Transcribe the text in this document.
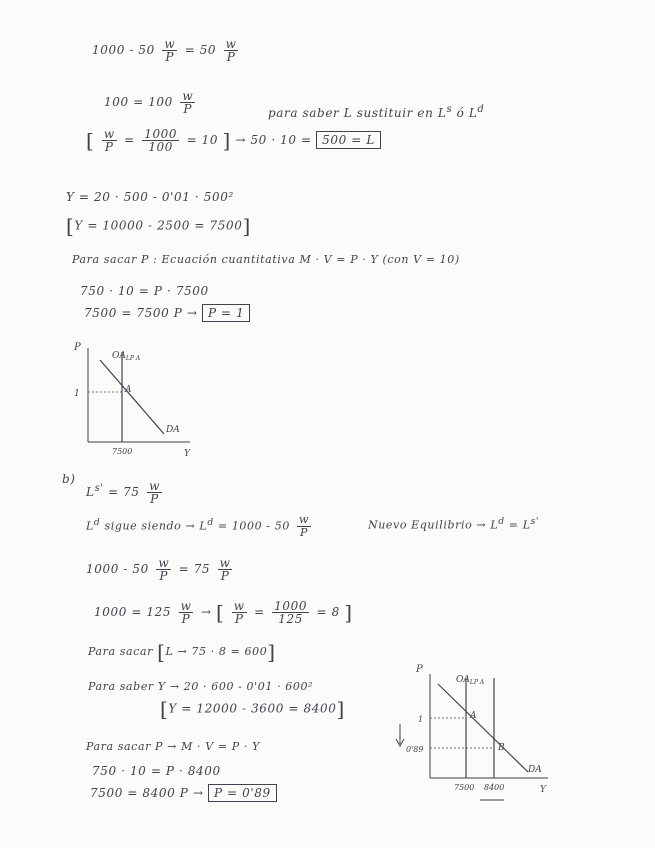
$1000 - 50 \frac{w}{P} = 50 \frac{w}{P}$
$100 = 100 \frac{w}{P}$	para saber L sustituir en $L^s$ ó $L^d$
[ $\frac{w}{P} = \frac{1000}{100} = 10$ ] → 50 · 10 = 500 = L
Y = 20 · 500 - 0'01 · 500²
[Y = 10000 - 2500 = 7500]
Para sacar P : Ecuación cuantitativa M · V = P · Y (con V = 10)
750 · 10 = P · 7500
7500 = 7500 P → P = 1
P
$OA_{LP A}$
A
1
DA
7500	Y
b)
$L^{s'} = 75 \frac{w}{P}$
$L^d$ sigue siendo → $L^d = 1000 - 50 \frac{w}{P}$	Nuevo Equilibrio → $L^d = L^{s'}$
$1000 - 50 \frac{w}{P} = 75 \frac{w}{P}$
$1000 = 125 \frac{w}{P}$ → [ $\frac{w}{P} = \frac{1000}{125} = 8$ ]
Para sacar [L → 75 · 8 = 600]
Para saber Y → 20 · 600 - 0'01 · 600²
[Y = 12000 - 3600 = 8400]
Para sacar P → M · V = P · Y
750 · 10 = P · 8400
7500 = 8400 P → P = 0'89
P
$OA_{LP A}$
A
B
1
0'89
DA
7500 8400	Y
